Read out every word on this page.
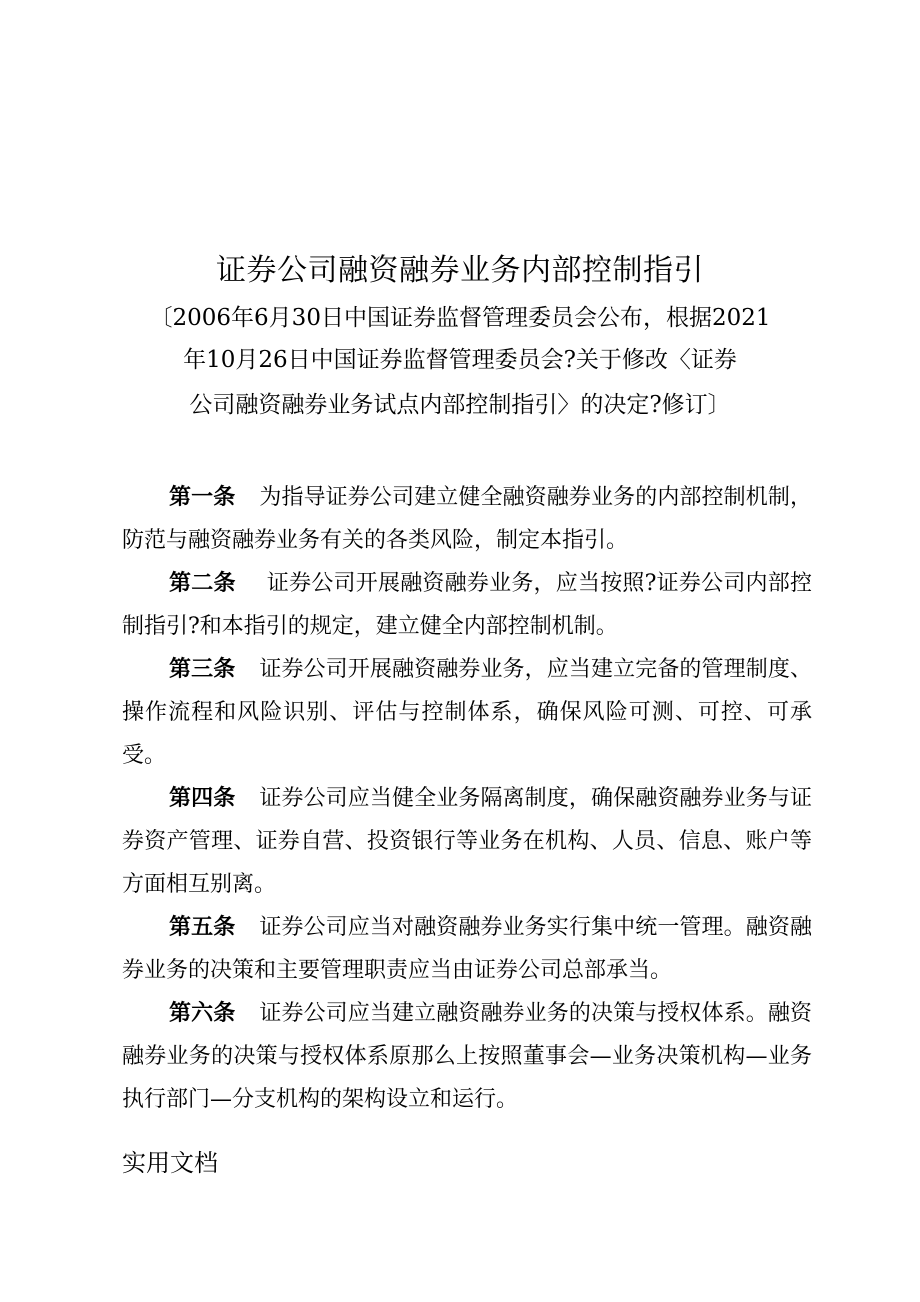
证券公司融资融券业务内部控制指引
〔2006年6月30日中国证券监督管理委员会公布，根据2021
年10月26日中国证券监督管理委员会?关于修改〈证券
公司融资融券业务试点内部控制指引〉的决定?修订〕

第一条 为指导证券公司建立健全融资融券业务的内部控制机制，防范与融资融券业务有关的各类风险，制定本指引。

第二条 证券公司开展融资融券业务，应当按照?证券公司内部控制指引?和本指引的规定，建立健全内部控制机制。

第三条 证券公司开展融资融券业务，应当建立完备的管理制度、操作流程和风险识别、评估与控制体系，确保风险可测、可控、可承受。

第四条 证券公司应当健全业务隔离制度，确保融资融券业务与证券资产管理、证券自营、投资银行等业务在机构、人员、信息、账户等方面相互别离。

第五条 证券公司应当对融资融券业务实行集中统一管理。融资融券业务的决策和主要管理职责应当由证券公司总部承当。

第六条 证券公司应当建立融资融券业务的决策与授权体系。融资融券业务的决策与授权体系原那么上按照董事会—业务决策机构—业务执行部门—分支机构的架构设立和运行。

实用文档
